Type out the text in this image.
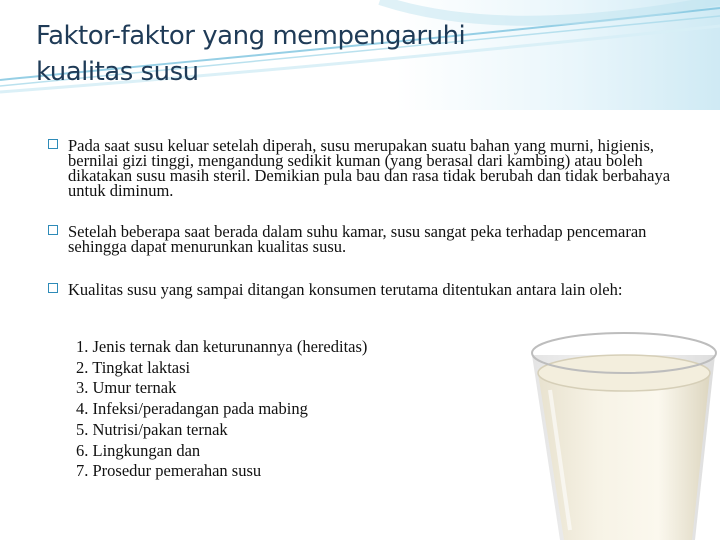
Faktor-faktor yang mempengaruhi kualitas susu
Pada saat susu keluar setelah diperah, susu merupakan suatu bahan yang murni, higienis, bernilai gizi tinggi, mengandung sedikit kuman (yang berasal dari kambing) atau boleh dikatakan susu masih steril. Demikian pula bau dan rasa tidak berubah dan tidak berbahaya untuk diminum.
Setelah beberapa saat berada dalam suhu kamar, susu sangat peka terhadap pencemaran sehingga dapat menurunkan kualitas susu.
Kualitas susu yang sampai ditangan konsumen terutama ditentukan antara lain oleh:
1. Jenis ternak dan keturunannya (hereditas)
2. Tingkat laktasi
3. Umur ternak
4. Infeksi/peradangan pada mabing
5. Nutrisi/pakan ternak
6. Lingkungan dan
7. Prosedur pemerahan susu
